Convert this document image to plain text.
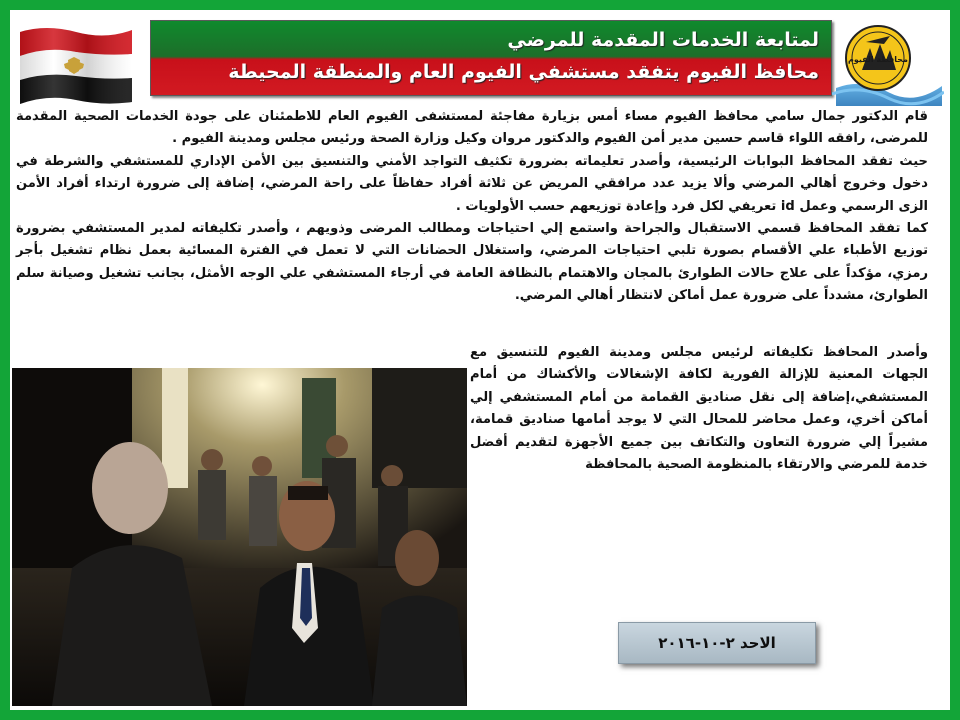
لمتابعة الخدمات المقدمة للمرضي
محافظ الفيوم يتفقد مستشفي الفيوم العام والمنطقة المحيطة
محافظة الفيوم

قام الدكتور جمال سامي محافظ الفيوم مساء أمس بزيارة مفاجئة لمستشفى الفيوم العام للاطمئنان على جودة الخدمات الصحية المقدمة للمرضى، رافقه اللواء قاسم حسين مدير أمن الفيوم والدكتور مروان وكيل وزارة الصحة ورئيس مجلس ومدينة الفيوم .

حيث تفقد المحافظ البوابات الرئيسية، وأصدر تعليماته بضرورة تكثيف التواجد الأمني والتنسيق بين الأمن الإداري للمستشفي والشرطة في دخول وخروج أهالي المرضي وألا يزيد عدد مرافقي المريض عن ثلاثة أفراد حفاظاً على راحة المرضي، إضافة إلى ضرورة ارتداء أفراد الأمن الزى الرسمي وعمل id تعريفي لكل فرد وإعادة توزيعهم حسب الأولويات .

كما تفقد المحافظ قسمي الاستقبال والجراحة واستمع إلي احتياجات ومطالب المرضى وذويهم ، وأصدر تكليفاته لمدير المستشفي بضرورة توزيع الأطباء علي الأقسام بصورة تلبي احتياجات المرضي، واستغلال الحضانات التي لا تعمل في الفترة المسائية بعمل نظام تشغيل بأجر رمزي، مؤكداً على علاج حالات الطوارئ بالمجان والاهتمام بالنظافة العامة في أرجاء المستشفي علي الوجه الأمثل، بجانب تشغيل وصيانة سلم الطوارئ، مشدداً على ضرورة عمل أماكن لانتظار أهالي المرضي.

وأصدر المحافظ تكليفاته لرئيس مجلس ومدينة الفيوم للتنسيق مع الجهات المعنية للإزالة الفورية لكافة الإشغالات والأكشاك من أمام المستشفي،إضافة إلى نقل صناديق القمامة من أمام المستشفي إلي أماكن أخري، وعمل محاضر للمحال التي لا يوجد أمامها صناديق قمامة، مشيراً إلي ضرورة التعاون والتكاتف بين جميع الأجهزة لتقديم أفضل خدمة للمرضي والارتقاء بالمنظومة الصحية بالمحافظة

الاحد ٢-١٠-٢٠١٦
